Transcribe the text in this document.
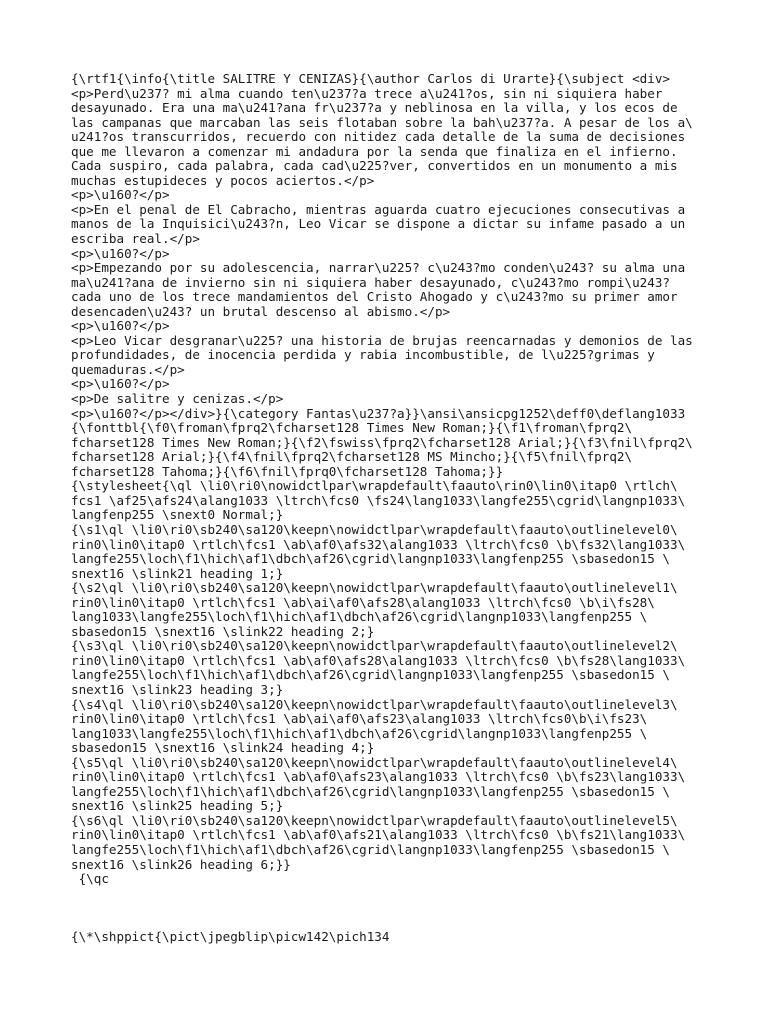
{\rtf1{\info{\title SALITRE Y CENIZAS}{\author Carlos di Urarte}{\subject <div>

<p>Perd\u237? mi alma cuando ten\u237?a trece a\u241?os, sin ni siquiera haber

desayunado. Era una ma\u241?ana fr\u237?a y neblinosa en la villa, y los ecos de

las campanas que marcaban las seis flotaban sobre la bah\u237?a. A pesar de los a\

u241?os transcurridos, recuerdo con nitidez cada detalle de la suma de decisiones

que me llevaron a comenzar mi andadura por la senda que finaliza en el infierno.

Cada suspiro, cada palabra, cada cad\u225?ver, convertidos en un monumento a mis

muchas estupideces y pocos aciertos.</p>

<p>\u160?</p>

<p>En el penal de El Cabracho, mientras aguarda cuatro ejecuciones consecutivas a

manos de la Inquisici\u243?n, Leo Vicar se dispone a dictar su infame pasado a un

escriba real.</p>

<p>\u160?</p>

<p>Empezando por su adolescencia, narrar\u225? c\u243?mo conden\u243? su alma una

ma\u241?ana de invierno sin ni siquiera haber desayunado, c\u243?mo rompi\u243?

cada uno de los trece mandamientos del Cristo Ahogado y c\u243?mo su primer amor

desencaden\u243? un brutal descenso al abismo.</p>

<p>\u160?</p>

<p>Leo Vicar desgranar\u225? una historia de brujas reencarnadas y demonios de las

profundidades, de inocencia perdida y rabia incombustible, de l\u225?grimas y

quemaduras.</p>

<p>\u160?</p>

<p>De salitre y cenizas.</p>

<p>\u160?</p></div>}{\category Fantas\u237?a}}\ansi\ansicpg1252\deff0\deflang1033

{\fonttbl{\f0\froman\fprq2\fcharset128 Times New Roman;}{\f1\froman\fprq2\

fcharset128 Times New Roman;}{\f2\fswiss\fprq2\fcharset128 Arial;}{\f3\fnil\fprq2\

fcharset128 Arial;}{\f4\fnil\fprq2\fcharset128 MS Mincho;}{\f5\fnil\fprq2\

fcharset128 Tahoma;}{\f6\fnil\fprq0\fcharset128 Tahoma;}}

{\stylesheet{\ql \li0\ri0\nowidctlpar\wrapdefault\faauto\rin0\lin0\itap0 \rtlch\

fcs1 \af25\afs24\alang1033 \ltrch\fcs0 \fs24\lang1033\langfe255\cgrid\langnp1033\

langfenp255 \snext0 Normal;}

{\s1\ql \li0\ri0\sb240\sa120\keepn\nowidctlpar\wrapdefault\faauto\outlinelevel0\

rin0\lin0\itap0 \rtlch\fcs1 \ab\af0\afs32\alang1033 \ltrch\fcs0 \b\fs32\lang1033\

langfe255\loch\f1\hich\af1\dbch\af26\cgrid\langnp1033\langfenp255 \sbasedon15 \

snext16 \slink21 heading 1;}

{\s2\ql \li0\ri0\sb240\sa120\keepn\nowidctlpar\wrapdefault\faauto\outlinelevel1\

rin0\lin0\itap0 \rtlch\fcs1 \ab\ai\af0\afs28\alang1033 \ltrch\fcs0 \b\i\fs28\

lang1033\langfe255\loch\f1\hich\af1\dbch\af26\cgrid\langnp1033\langfenp255 \

sbasedon15 \snext16 \slink22 heading 2;}

{\s3\ql \li0\ri0\sb240\sa120\keepn\nowidctlpar\wrapdefault\faauto\outlinelevel2\

rin0\lin0\itap0 \rtlch\fcs1 \ab\af0\afs28\alang1033 \ltrch\fcs0 \b\fs28\lang1033\

langfe255\loch\f1\hich\af1\dbch\af26\cgrid\langnp1033\langfenp255 \sbasedon15 \

snext16 \slink23 heading 3;}

{\s4\ql \li0\ri0\sb240\sa120\keepn\nowidctlpar\wrapdefault\faauto\outlinelevel3\

rin0\lin0\itap0 \rtlch\fcs1 \ab\ai\af0\afs23\alang1033 \ltrch\fcs0\b\i\fs23\

lang1033\langfe255\loch\f1\hich\af1\dbch\af26\cgrid\langnp1033\langfenp255 \

sbasedon15 \snext16 \slink24 heading 4;}

{\s5\ql \li0\ri0\sb240\sa120\keepn\nowidctlpar\wrapdefault\faauto\outlinelevel4\

rin0\lin0\itap0 \rtlch\fcs1 \ab\af0\afs23\alang1033 \ltrch\fcs0 \b\fs23\lang1033\

langfe255\loch\f1\hich\af1\dbch\af26\cgrid\langnp1033\langfenp255 \sbasedon15 \

snext16 \slink25 heading 5;}

{\s6\ql \li0\ri0\sb240\sa120\keepn\nowidctlpar\wrapdefault\faauto\outlinelevel5\

rin0\lin0\itap0 \rtlch\fcs1 \ab\af0\afs21\alang1033 \ltrch\fcs0 \b\fs21\lang1033\

langfe255\loch\f1\hich\af1\dbch\af26\cgrid\langnp1033\langfenp255 \sbasedon15 \

snext16 \slink26 heading 6;}}

{\qc

{\*\shppict{\pict\jpegblip\picw142\pich134
